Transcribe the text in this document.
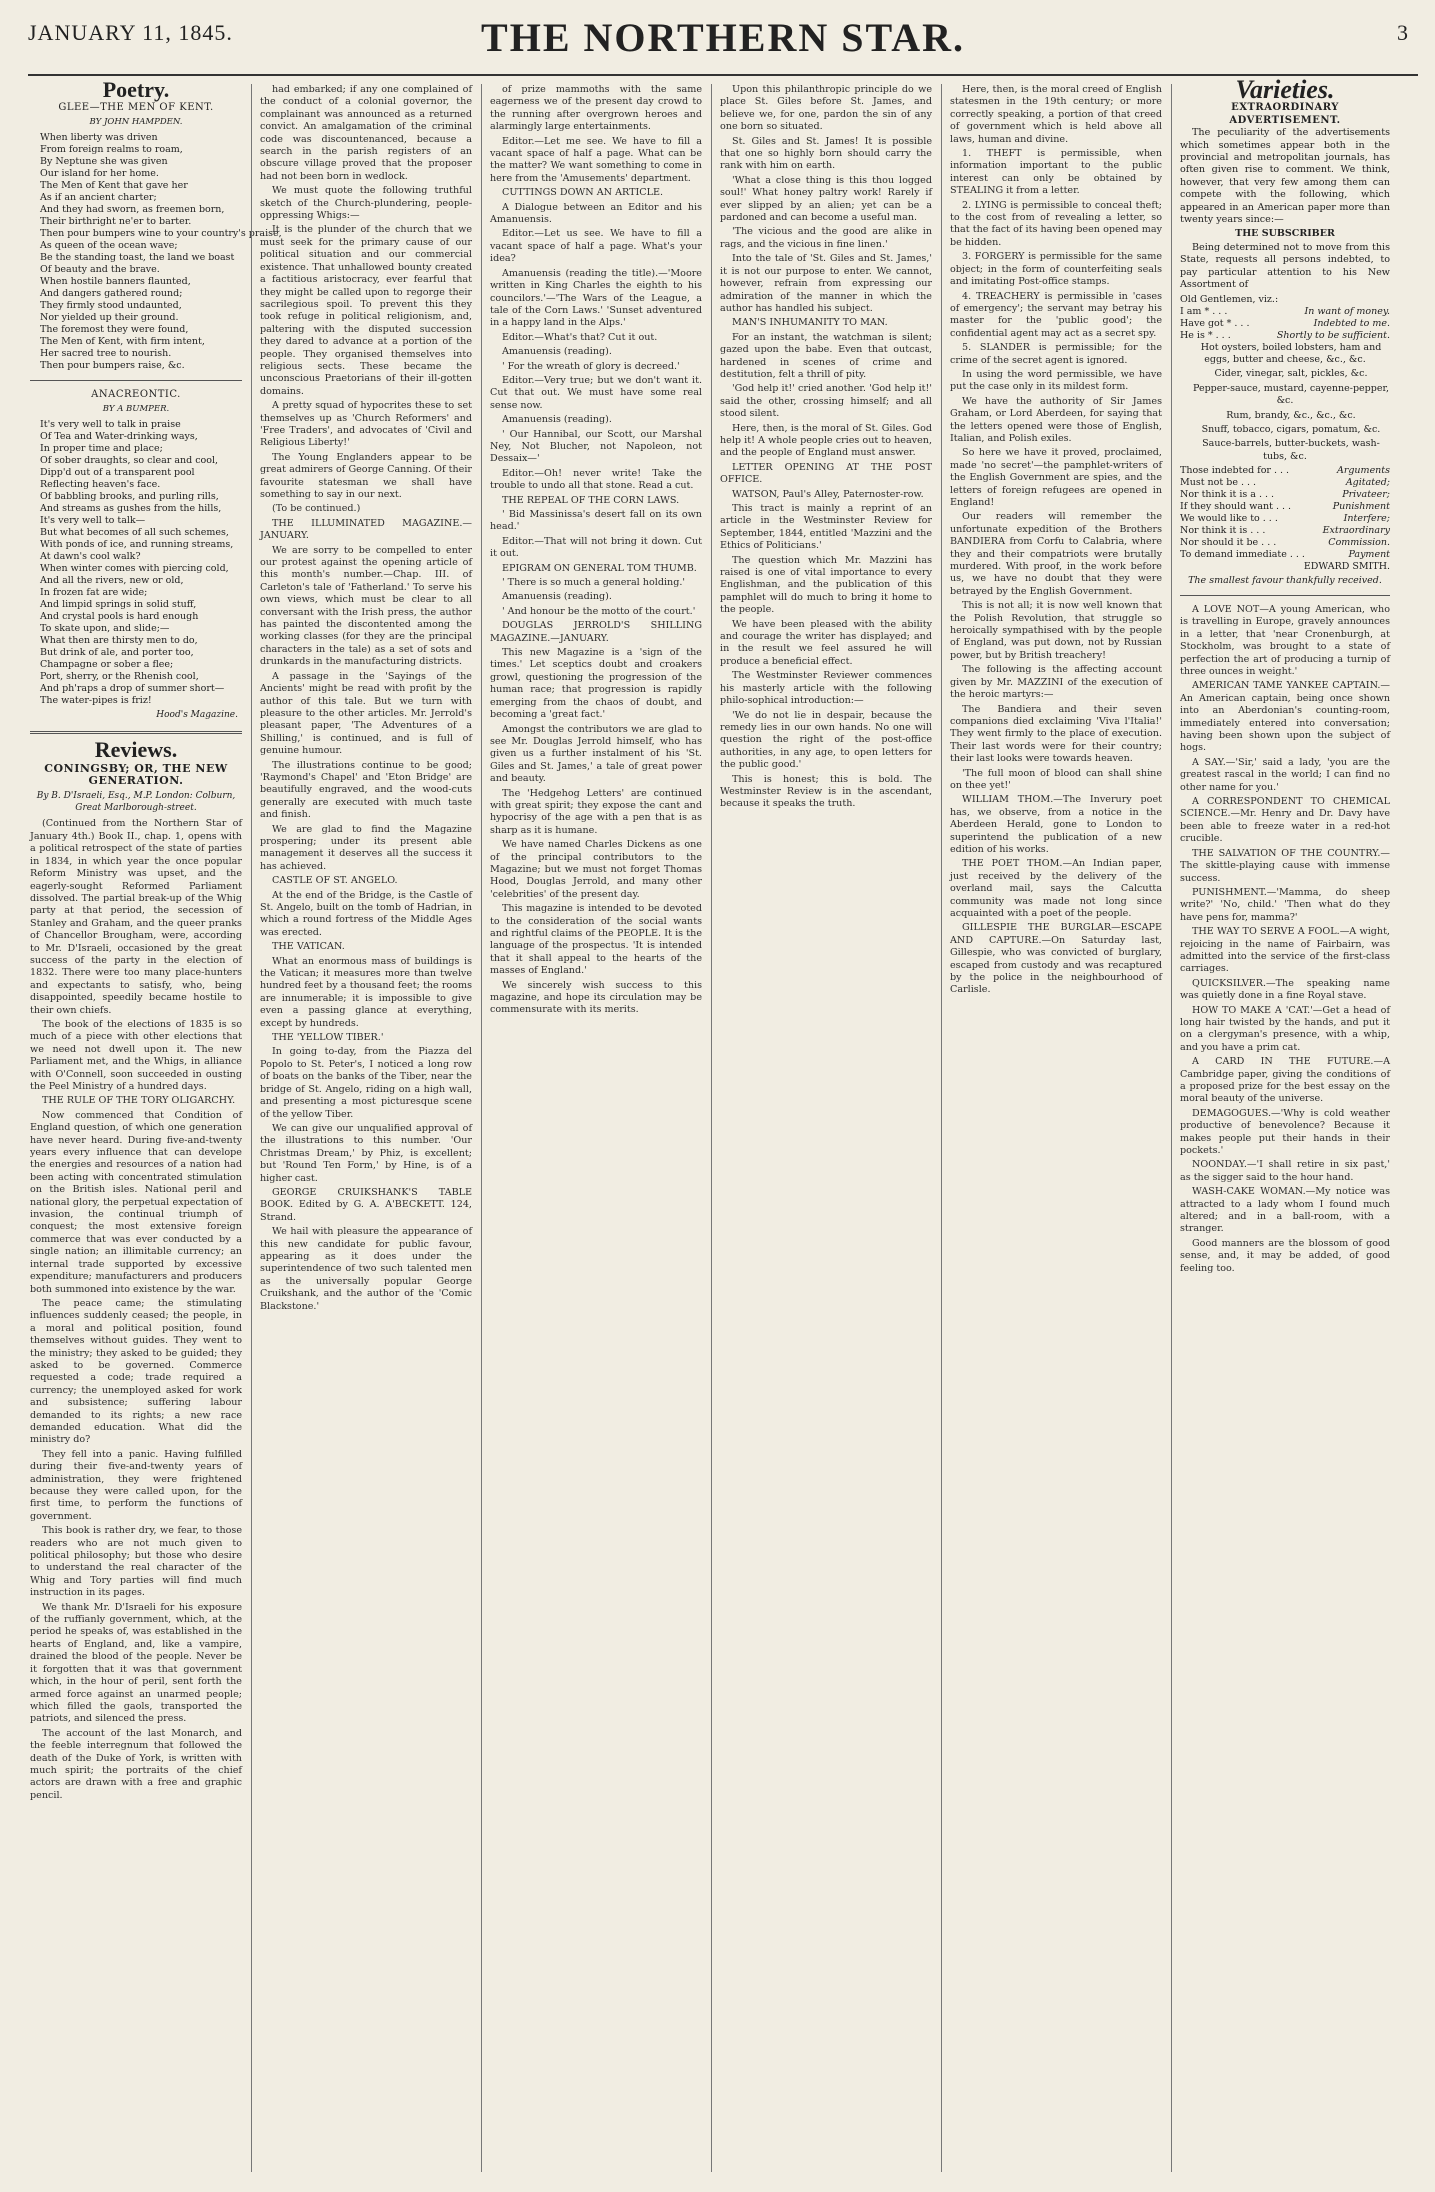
JANUARY 11, 1845.	THE NORTHERN STAR.	3
Poetry.
GLEE—THE MEN OF KENT.
BY JOHN HAMPDEN.
When liberty was driven
From foreign realms to roam,
By Neptune she was given
Our island for her home.
The Men of Kent that gave her
As if an ancient charter;
And they had sworn, as freemen born,
Their birthright ne'er to barter.
Then pour bumpers wine to your country's praise,
As queen of the ocean wave;
Be the standing toast, the land we boast
Of beauty and the brave.
When hostile banners flaunted,
And dangers gathered round;
They firmly stood undaunted,
Nor yielded up their ground.
The foremost they were found,
The Men of Kent, with firm intent,
Her sacred tree to nourish.
Then pour bumpers raise, &c.
ANACREONTIC.
BY A BUMPER.
It's very well to talk in praise
Of Tea and Water-drinking ways,
In proper time and place;
Of sober draughts, so clear and cool,
Dipp'd out of a transparent pool
Reflecting heaven's face.
Of babbling brooks, and purling rills,
And streams as gushes from the hills,
It's very well to talk—
But what becomes of all such schemes,
With ponds of ice, and running streams,
At dawn's cool walk?
When winter comes with piercing cold,
And all the rivers, new or old,
In frozen fat are wide;
And limpid springs in solid stuff,
And crystal pools is hard enough
To skate upon, and slide;—
What then are thirsty men to do,
But drink of ale, and porter too,
Champagne or sober a flee;
Port, sherry, or the Rhenish cool,
And ph'raps a drop of summer short—
The water-pipes is friz!
Hood's Magazine.
Reviews.
CONINGSBY; OR, THE NEW GENERATION.
By B. D'Israeli, Esq., M.P. London: Colburn, Great Marlborough-street.

(Continued from the Northern Star of January 4th.) Book II., chap. 1, opens with a political retrospect of the state of parties in 1834, in which year the once popular Reform Ministry was upset, and the eagerly-sought Reformed Parliament dissolved. The partial break-up of the Whig party at that period, the secession of Stanley and Graham, and the queer pranks of Chancellor Brougham, were, according to Mr. D'Israeli, occasioned by the great success of the party in the election of 1832. There were too many place-hunters and expectants to satisfy, who, being disappointed, speedily became hostile to their own chiefs.

The book of the elections of 1835 is so much of a piece with other elections that we need not dwell upon it. The new Parliament met, and the Whigs, in alliance with O'Connell, soon succeeded in ousting the Peel Ministry of a hundred days.

THE RULE OF THE TORY OLIGARCHY.

Now commenced that Condition of England question, of which one generation have never heard. During five-and-twenty years every influence that can develope the energies and resources of a nation had been acting with concentrated stimulation on the British isles. National peril and national glory, the perpetual expectation of invasion, the continual triumph of conquest; the most extensive foreign commerce that was ever conducted by a single nation; an illimitable currency; an internal trade supported by excessive expenditure; manufacturers and producers both summoned into existence by the war.

The peace came; the stimulating influences suddenly ceased; the people, in a moral and political position, found themselves without guides. They went to the ministry; they asked to be guided; they asked to be governed. Commerce requested a code; trade required a currency; the unemployed asked for work and subsistence; suffering labour demanded to its rights; a new race demanded education. What did the ministry do?

They fell into a panic. Having fulfilled during their five-and-twenty years of administration, they were frightened because they were called upon, for the first time, to perform the functions of government.

This book is rather dry, we fear, to those readers who are not much given to political philosophy; but those who desire to understand the real character of the Whig and Tory parties will find much instruction in its pages.

We thank Mr. D'Israeli for his exposure of the ruffianly government, which, at the period he speaks of, was established in the hearts of England, and, like a vampire, drained the blood of the people. Never be it forgotten that it was that government which, in the hour of peril, sent forth the armed force against an unarmed people; which filled the gaols, transported the patriots, and silenced the press.

The account of the last Monarch, and the feeble interregnum that followed the death of the Duke of York, is written with much spirit; the portraits of the chief actors are drawn with a free and graphic pencil.

had embarked; if any one complained of the conduct of a colonial governor, the complainant was announced as a returned convict. An amalgamation of the criminal code was discountenanced, because a search in the parish registers of an obscure village proved that the proposer had not been born in wedlock.

We must quote the following truthful sketch of the Church-plundering, people-oppressing Whigs:—

It is the plunder of the church that we must seek for the primary cause of our political situation and our commercial existence. That unhallowed bounty created a factitious aristocracy, ever fearful that they might be called upon to regorge their sacrilegious spoil. To prevent this they took refuge in political religionism, and, paltering with the disputed succession they dared to advance at a portion of the people. They organised themselves into religious sects. These became the unconscious Praetorians of their ill-gotten domains.

A pretty squad of hypocrites these to set themselves up as 'Church Reformers' and 'Free Traders', and advocates of 'Civil and Religious Liberty!'

The Young Englanders appear to be great admirers of George Canning. Of their favourite statesman we shall have something to say in our next.

(To be continued.)

THE ILLUMINATED MAGAZINE.—JANUARY.

We are sorry to be compelled to enter our protest against the opening article of this month's number.—Chap. III. of Carleton's tale of 'Fatherland.' To serve his own views, which must be clear to all conversant with the Irish press, the author has painted the discontented among the working classes (for they are the principal characters in the tale) as a set of sots and drunkards in the manufacturing districts.

A passage in the 'Sayings of the Ancients' might be read with profit by the author of this tale. But we turn with pleasure to the other articles. Mr. Jerrold's pleasant paper, 'The Adventures of a Shilling,' is continued, and is full of genuine humour.

The illustrations continue to be good; 'Raymond's Chapel' and 'Eton Bridge' are beautifully engraved, and the wood-cuts generally are executed with much taste and finish.

We are glad to find the Magazine prospering; under its present able management it deserves all the success it has achieved.

CASTLE OF ST. ANGELO.

At the end of the Bridge, is the Castle of St. Angelo, built on the tomb of Hadrian, in which a round fortress of the Middle Ages was erected.

THE VATICAN.

What an enormous mass of buildings is the Vatican; it measures more than twelve hundred feet by a thousand feet; the rooms are innumerable; it is impossible to give even a passing glance at everything, except by hundreds.

THE 'YELLOW TIBER.'

In going to-day, from the Piazza del Popolo to St. Peter's, I noticed a long row of boats on the banks of the Tiber, near the bridge of St. Angelo, riding on a high wall, and presenting a most picturesque scene of the yellow Tiber.

We can give our unqualified approval of the illustrations to this number. 'Our Christmas Dream,' by Phiz, is excellent; but 'Round Ten Form,' by Hine, is of a higher cast.

GEORGE CRUIKSHANK'S TABLE BOOK. Edited by G. A. A'BECKETT. 124, Strand.

We hail with pleasure the appearance of this new candidate for public favour, appearing as it does under the superintendence of two such talented men as the universally popular George Cruikshank, and the author of the 'Comic Blackstone.'

of prize mammoths with the same eagerness we of the present day crowd to the running after overgrown heroes and alarmingly large entertainments.

Editor.—Let me see. We have to fill a vacant space of half a page. What can be the matter? We want something to come in here from the 'Amusements' department.

CUTTINGS DOWN AN ARTICLE.

A Dialogue between an Editor and his Amanuensis.

Editor.—Let us see. We have to fill a vacant space of half a page. What's your idea?

Amanuensis (reading the title).—'Moore written in King Charles the eighth to his councilors.'—'The Wars of the League, a tale of the Corn Laws.' 'Sunset adventured in a happy land in the Alps.'

Editor.—What's that? Cut it out.

Amanuensis (reading).

' For the wreath of glory is decreed.'

Editor.—Very true; but we don't want it. Cut that out. We must have some real sense now.

Amanuensis (reading).

' Our Hannibal, our Scott, our Marshal Ney, Not Blucher, not Napoleon, not Dessaix—'

Editor.—Oh! never write! Take the trouble to undo all that stone. Read a cut.

THE REPEAL OF THE CORN LAWS.

' Bid Massinissa's desert fall on its own head.'

Editor.—That will not bring it down. Cut it out.

EPIGRAM ON GENERAL TOM THUMB.

' There is so much a general holding.'

Amanuensis (reading).

' And honour be the motto of the court.'

DOUGLAS JERROLD'S SHILLING MAGAZINE.—JANUARY.

This new Magazine is a 'sign of the times.' Let sceptics doubt and croakers growl, questioning the progression of the human race; that progression is rapidly emerging from the chaos of doubt, and becoming a 'great fact.'

Amongst the contributors we are glad to see Mr. Douglas Jerrold himself, who has given us a further instalment of his 'St. Giles and St. James,' a tale of great power and beauty.

The 'Hedgehog Letters' are continued with great spirit; they expose the cant and hypocrisy of the age with a pen that is as sharp as it is humane.

We have named Charles Dickens as one of the principal contributors to the Magazine; but we must not forget Thomas Hood, Douglas Jerrold, and many other 'celebrities' of the present day.

This magazine is intended to be devoted to the consideration of the social wants and rightful claims of the PEOPLE. It is the language of the prospectus. 'It is intended that it shall appeal to the hearts of the masses of England.'

We sincerely wish success to this magazine, and hope its circulation may be commensurate with its merits.

Upon this philanthropic principle do we place St. Giles before St. James, and believe we, for one, pardon the sin of any one born so situated.

St. Giles and St. James! It is possible that one so highly born should carry the rank with him on earth.

'What a close thing is this thou logged soul!' What honey paltry work! Rarely if ever slipped by an alien; yet can be a pardoned and can become a useful man.

'The vicious and the good are alike in rags, and the vicious in fine linen.'

Into the tale of 'St. Giles and St. James,' it is not our purpose to enter. We cannot, however, refrain from expressing our admiration of the manner in which the author has handled his subject.

MAN'S INHUMANITY TO MAN.

For an instant, the watchman is silent; gazed upon the babe. Even that outcast, hardened in scenes of crime and destitution, felt a thrill of pity.

'God help it!' cried another. 'God help it!' said the other, crossing himself; and all stood silent.

Here, then, is the moral of St. Giles. God help it! A whole people cries out to heaven, and the people of England must answer.

LETTER OPENING AT THE POST OFFICE.

WATSON, Paul's Alley, Paternoster-row.

This tract is mainly a reprint of an article in the Westminster Review for September, 1844, entitled 'Mazzini and the Ethics of Politicians.'

The question which Mr. Mazzini has raised is one of vital importance to every Englishman, and the publication of this pamphlet will do much to bring it home to the people.

We have been pleased with the ability and courage the writer has displayed; and in the result we feel assured he will produce a beneficial effect.

The Westminster Reviewer commences his masterly article with the following philo-sophical introduction:—

'We do not lie in despair, because the remedy lies in our own hands. No one will question the right of the post-office authorities, in any age, to open letters for the public good.'

This is honest; this is bold. The Westminster Review is in the ascendant, because it speaks the truth.

Here, then, is the moral creed of English statesmen in the 19th century; or more correctly speaking, a portion of that creed of government which is held above all laws, human and divine.

1. THEFT is permissible, when information important to the public interest can only be obtained by STEALING it from a letter.

2. LYING is permissible to conceal theft; to the cost from of revealing a letter, so that the fact of its having been opened may be hidden.

3. FORGERY is permissible for the same object; in the form of counterfeiting seals and imitating Post-office stamps.

4. TREACHERY is permissible in 'cases of emergency'; the servant may betray his master for the 'public good'; the confidential agent may act as a secret spy.

5. SLANDER is permissible; for the crime of the secret agent is ignored.

In using the word permissible, we have put the case only in its mildest form.

We have the authority of Sir James Graham, or Lord Aberdeen, for saying that the letters opened were those of English, Italian, and Polish exiles.

So here we have it proved, proclaimed, made 'no secret'—the pamphlet-writers of the English Government are spies, and the letters of foreign refugees are opened in England!

Our readers will remember the unfortunate expedition of the Brothers BANDIERA from Corfu to Calabria, where they and their compatriots were brutally murdered. With proof, in the work before us, we have no doubt that they were betrayed by the English Government.

This is not all; it is now well known that the Polish Revolution, that struggle so heroically sympathised with by the people of England, was put down, not by Russian power, but by British treachery!

The following is the affecting account given by Mr. MAZZINI of the execution of the heroic martyrs:—

The Bandiera and their seven companions died exclaiming 'Viva l'Italia!' They went firmly to the place of execution. Their last words were for their country; their last looks were towards heaven.

'The full moon of blood can shall shine on thee yet!'

WILLIAM THOM.—The Inverury poet has, we observe, from a notice in the Aberdeen Herald, gone to London to superintend the publication of a new edition of his works.

THE POET THOM.—An Indian paper, just received by the delivery of the overland mail, says the Calcutta community was made not long since acquainted with a poet of the people.

GILLESPIE THE BURGLAR—ESCAPE AND CAPTURE.—On Saturday last, Gillespie, who was convicted of burglary, escaped from custody and was recaptured by the police in the neighbourhood of Carlisle.

Varieties.
EXTRAORDINARY ADVERTISEMENT.

The peculiarity of the advertisements which sometimes appear both in the provincial and metropolitan journals, has often given rise to comment. We think, however, that very few among them can compete with the following, which appeared in an American paper more than twenty years since:—

THE SUBSCRIBER

Being determined not to move from this State, requests all persons indebted, to pay particular attention to his New Assortment of

Old Gentlemen, viz.:
I am * . . .	In want of money.
Have got * . . .	Indebted to me.
He is * . . .	Shortly to be sufficient.

Hot oysters, boiled lobsters, ham and eggs, butter and cheese, &c., &c.

Cider, vinegar, salt, pickles, &c.

Pepper-sauce, mustard, cayenne-pepper, &c.

Rum, brandy, &c., &c., &c.

Snuff, tobacco, cigars, pomatum, &c.

Sauce-barrels, butter-buckets, wash-tubs, &c.

Those indebted for . . .	Arguments
Must not be . . .	Agitated;
Nor think it is a . . .	Privateer;
If they should want . . .	Punishment
We would like to . . .	Interfere;
Nor think it is . . .	Extraordinary
Nor should it be . . .	Commission.
To demand immediate . . .	Payment
EDWARD SMITH.
The smallest favour thankfully received.

A LOVE NOT—A young American, who is travelling in Europe, gravely announces in a letter, that 'near Cronenburgh, at Stockholm, was brought to a state of perfection the art of producing a turnip of three ounces in weight.'

AMERICAN TAME YANKEE CAPTAIN.—An American captain, being once shown into an Aberdonian's counting-room, immediately entered into conversation; having been shown upon the subject of hogs.

A SAY.—'Sir,' said a lady, 'you are the greatest rascal in the world; I can find no other name for you.'

A CORRESPONDENT TO CHEMICAL SCIENCE.—Mr. Henry and Dr. Davy have been able to freeze water in a red-hot crucible.

THE SALVATION OF THE COUNTRY.—The skittle-playing cause with immense success.

PUNISHMENT.—'Mamma, do sheep write?' 'No, child.' 'Then what do they have pens for, mamma?'

THE WAY TO SERVE A FOOL.—A wight, rejoicing in the name of Fairbairn, was admitted into the service of the first-class carriages.

QUICKSILVER.—The speaking name was quietly done in a fine Royal stave.

HOW TO MAKE A 'CAT.'—Get a head of long hair twisted by the hands, and put it on a clergyman's presence, with a whip, and you have a prim cat.

A CARD IN THE FUTURE.—A Cambridge paper, giving the conditions of a proposed prize for the best essay on the moral beauty of the universe.

DEMAGOGUES.—'Why is cold weather productive of benevolence? Because it makes people put their hands in their pockets.'

NOONDAY.—'I shall retire in six past,' as the sigger said to the hour hand.

WASH-CAKE WOMAN.—My notice was attracted to a lady whom I found much altered; and in a ball-room, with a stranger.

Good manners are the blossom of good sense, and, it may be added, of good feeling too.
